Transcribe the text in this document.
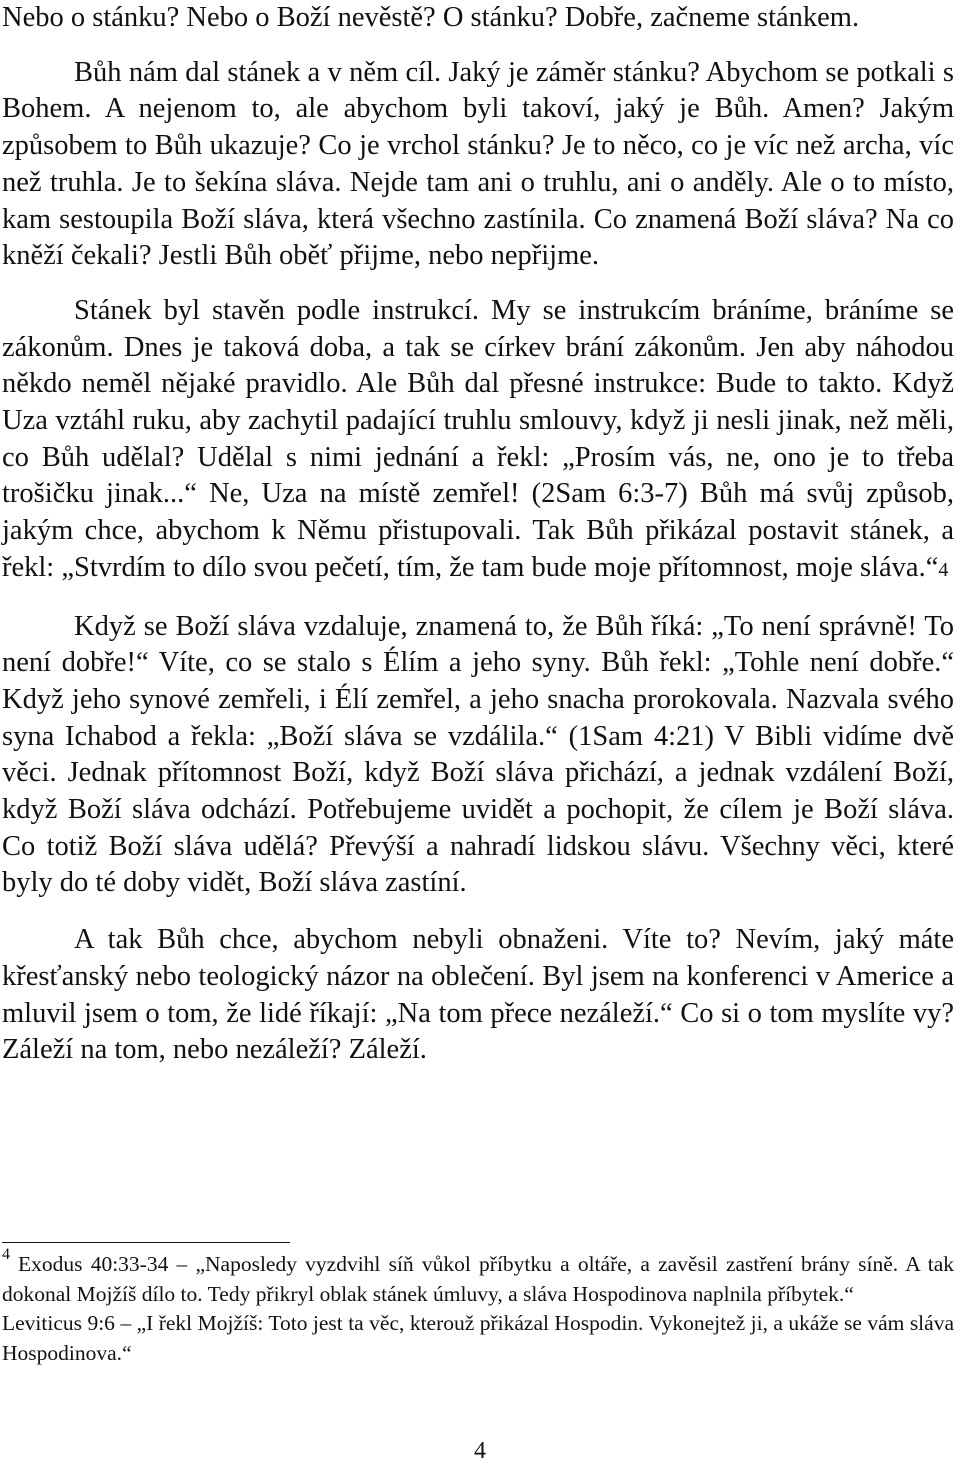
Nebo o stánku? Nebo o Boží nevěstě? O stánku? Dobře, začneme stánkem.

Bůh nám dal stánek a v něm cíl. Jaký je záměr stánku? Abychom se potkali s Bohem. A nejenom to, ale abychom byli takoví, jaký je Bůh. Amen? Jakým způsobem to Bůh ukazuje? Co je vrchol stánku? Je to něco, co je víc než archa, víc než truhla. Je to šekína sláva. Nejde tam ani o truhlu, ani o anděly. Ale o to místo, kam sestoupila Boží sláva, která všechno zastínila. Co znamená Boží sláva? Na co kněží čekali? Jestli Bůh oběť přijme, nebo nepřijme.

Stánek byl stavěn podle instrukcí. My se instrukcím bráníme, bráníme se zákonům. Dnes je taková doba, a tak se církev brání zákonům. Jen aby náhodou někdo neměl nějaké pravidlo. Ale Bůh dal přesné instrukce: Bude to takto. Když Uza vztáhl ruku, aby zachytil padající truhlu smlouvy, když ji nesli jinak, než měli, co Bůh udělal? Udělal s nimi jednání a řekl: „Prosím vás, ne, ono je to třeba trošičku jinak...“ Ne, Uza na místě zemřel! (2Sam 6:3-7) Bůh má svůj způsob, jakým chce, abychom k Němu přistupovali. Tak Bůh přikázal postavit stánek, a řekl: „Stvrdím to dílo svou pečetí, tím, že tam bude moje přítomnost, moje sláva.“4

Když se Boží sláva vzdaluje, znamená to, že Bůh říká: „To není správně! To není dobře!“ Víte, co se stalo s Élím a jeho syny. Bůh řekl: „Tohle není dobře.“ Když jeho synové zemřeli, i Élí zemřel, a jeho snacha prorokovala. Nazvala svého syna Ichabod a řekla: „Boží sláva se vzdálila.“ (1Sam 4:21) V Bibli vidíme dvě věci. Jednak přítomnost Boží, když Boží sláva přichází, a jednak vzdálení Boží, když Boží sláva odchází. Potřebujeme uvidět a pochopit, že cílem je Boží sláva. Co totiž Boží sláva udělá? Převýší a nahradí lidskou slávu. Všechny věci, které byly do té doby vidět, Boží sláva zastíní.

A tak Bůh chce, abychom nebyli obnaženi. Víte to? Nevím, jaký máte křesťanský nebo teologický názor na oblečení. Byl jsem na konferenci v Americe a mluvil jsem o tom, že lidé říkají: „Na tom přece nezáleží.“ Co si o tom myslíte vy? Záleží na tom, nebo nezáleží? Záleží.

$^4$ Exodus 40:33-34 – „Naposledy vyzdvihl síň vůkol příbytku a oltáře, a zavěsil zastření brány síně. A tak dokonal Mojžíš dílo to. Tedy přikryl oblak stánek úmluvy, a sláva Hospodinova naplnila příbytek.“

Leviticus 9:6 – „I řekl Mojžíš: Toto jest ta věc, kterouž přikázal Hospodin. Vykonejtež ji, a ukáže se vám sláva Hospodinova.“

4
